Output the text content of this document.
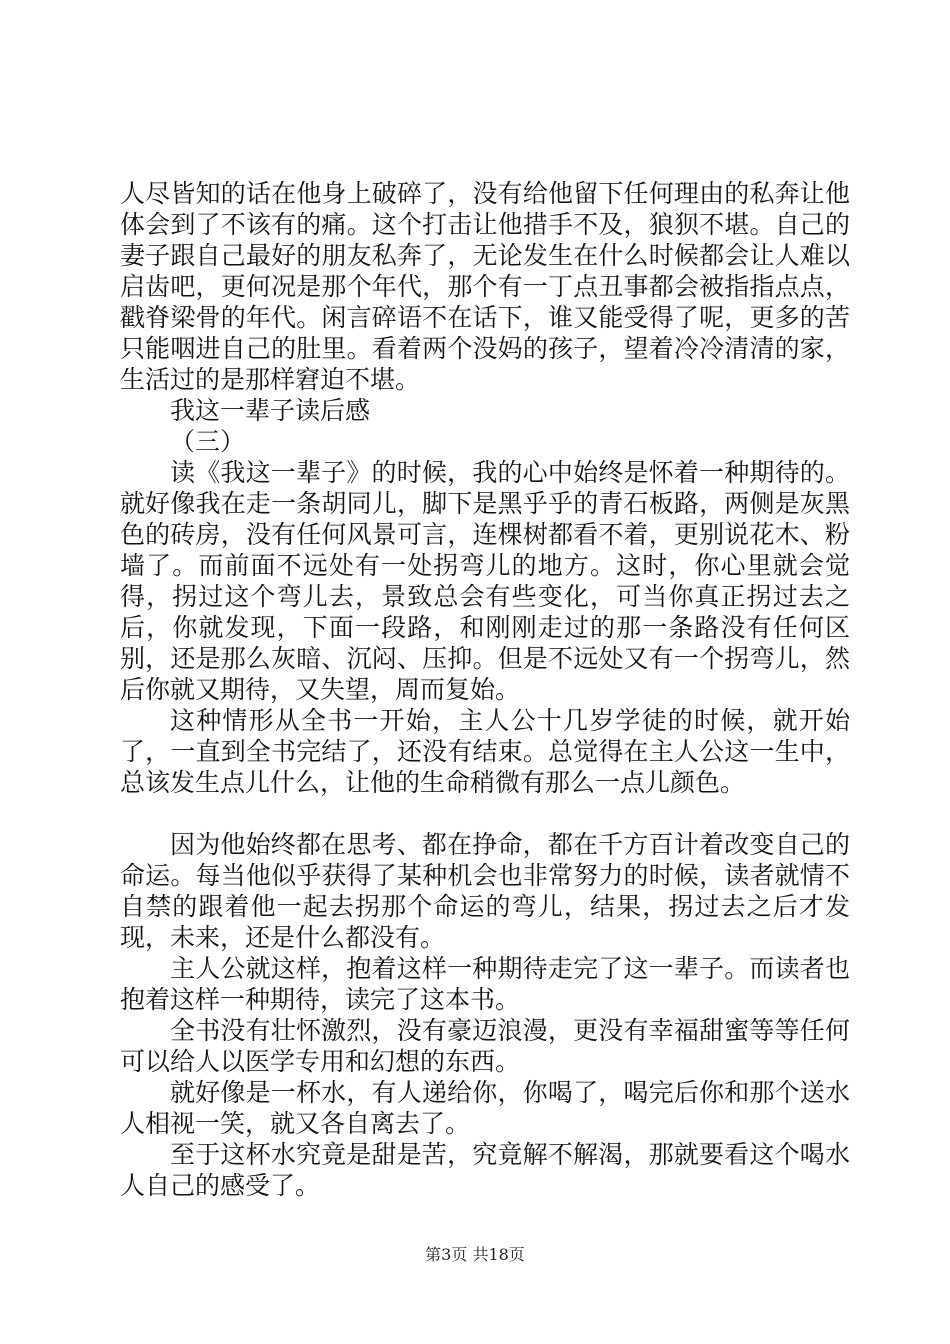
人尽皆知的话在他身上破碎了，没有给他留下任何理由的私奔让他体会到了不该有的痛。这个打击让他措手不及，狼狈不堪。自己的妻子跟自己最好的朋友私奔了，无论发生在什么时候都会让人难以启齿吧，更何况是那个年代，那个有一丁点丑事都会被指指点点，戳脊梁骨的年代。闲言碎语不在话下，谁又能受得了呢，更多的苦只能咽进自己的肚里。看着两个没妈的孩子，望着冷冷清清的家，生活过的是那样窘迫不堪。

我这一辈子读后感

（三）

读《我这一辈子》的时候，我的心中始终是怀着一种期待的。就好像我在走一条胡同儿，脚下是黑乎乎的青石板路，两侧是灰黑色的砖房，没有任何风景可言，连棵树都看不着，更别说花木、粉墙了。而前面不远处有一处拐弯儿的地方。这时，你心里就会觉得，拐过这个弯儿去，景致总会有些变化，可当你真正拐过去之后，你就发现，下面一段路，和刚刚走过的那一条路没有任何区别，还是那么灰暗、沉闷、压抑。但是不远处又有一个拐弯儿，然后你就又期待，又失望，周而复始。

这种情形从全书一开始，主人公十几岁学徒的时候，就开始了，一直到全书完结了，还没有结束。总觉得在主人公这一生中，总该发生点儿什么，让他的生命稍微有那么一点儿颜色。

因为他始终都在思考、都在挣命，都在千方百计着改变自己的命运。每当他似乎获得了某种机会也非常努力的时候，读者就情不自禁的跟着他一起去拐那个命运的弯儿，结果，拐过去之后才发现，未来，还是什么都没有。

主人公就这样，抱着这样一种期待走完了这一辈子。而读者也抱着这样一种期待，读完了这本书。

全书没有壮怀激烈，没有豪迈浪漫，更没有幸福甜蜜等等任何可以给人以医学专用和幻想的东西。

就好像是一杯水，有人递给你，你喝了，喝完后你和那个送水人相视一笑，就又各自离去了。

至于这杯水究竟是甜是苦，究竟解不解渴，那就要看这个喝水人自己的感受了。

第3页 共18页
